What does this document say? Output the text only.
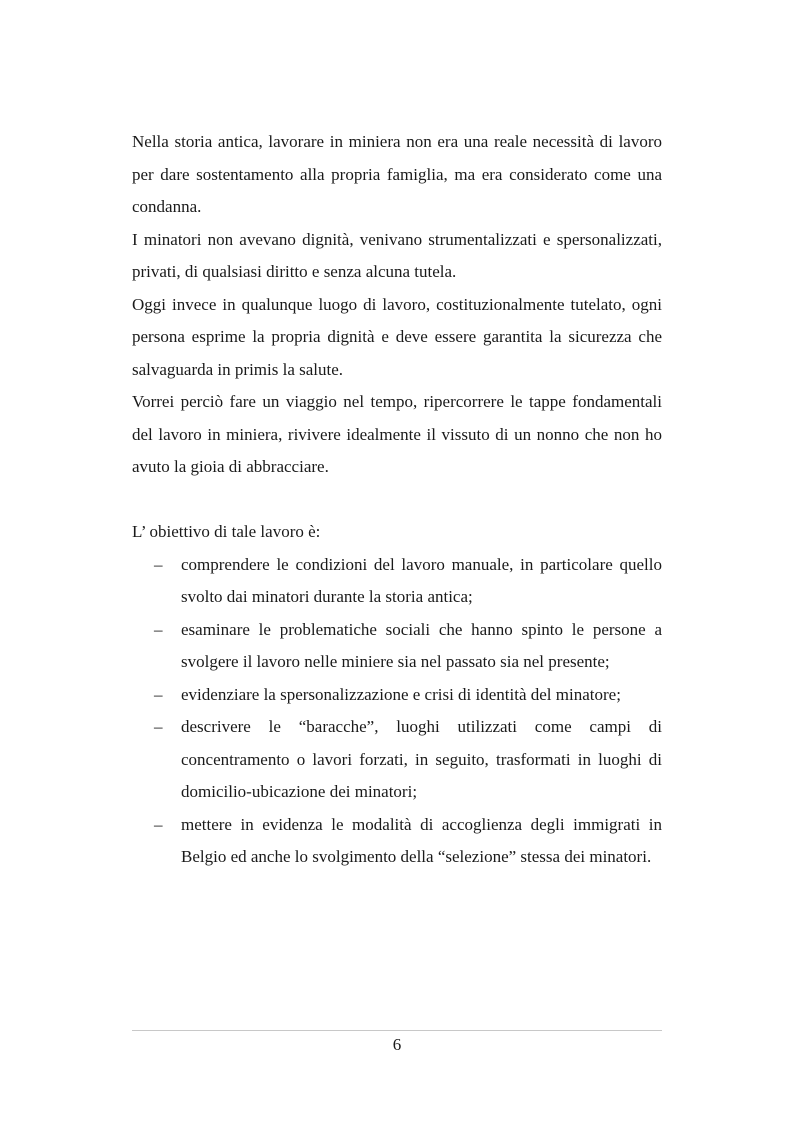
Nella storia antica, lavorare in miniera non era una reale necessità di lavoro per dare sostentamento alla propria famiglia, ma era considerato come una condanna.

I minatori non avevano dignità, venivano strumentalizzati e spersonalizzati, privati, di qualsiasi diritto e senza alcuna tutela.

Oggi invece in qualunque luogo di lavoro, costituzionalmente tutelato, ogni persona esprime la propria dignità e deve essere garantita la sicurezza che salvaguarda in primis la salute.

Vorrei perciò fare un viaggio nel tempo, ripercorrere le tappe fondamentali del lavoro in miniera, rivivere idealmente il vissuto di un nonno che non ho avuto la gioia di abbracciare.

L’ obiettivo di tale lavoro è:

– comprendere le condizioni del lavoro manuale, in particolare quello svolto dai minatori durante la storia antica;
– esaminare le problematiche sociali che hanno spinto le persone a svolgere il lavoro nelle miniere sia nel passato sia nel presente;
– evidenziare la spersonalizzazione e crisi di identità del minatore;
– descrivere le “baracche”, luoghi utilizzati come campi di concentramento o lavori forzati, in seguito, trasformati in luoghi di domicilio-ubicazione dei minatori;
– mettere in evidenza le modalità di accoglienza degli immigrati in Belgio ed anche lo svolgimento della “selezione” stessa dei minatori.
6
